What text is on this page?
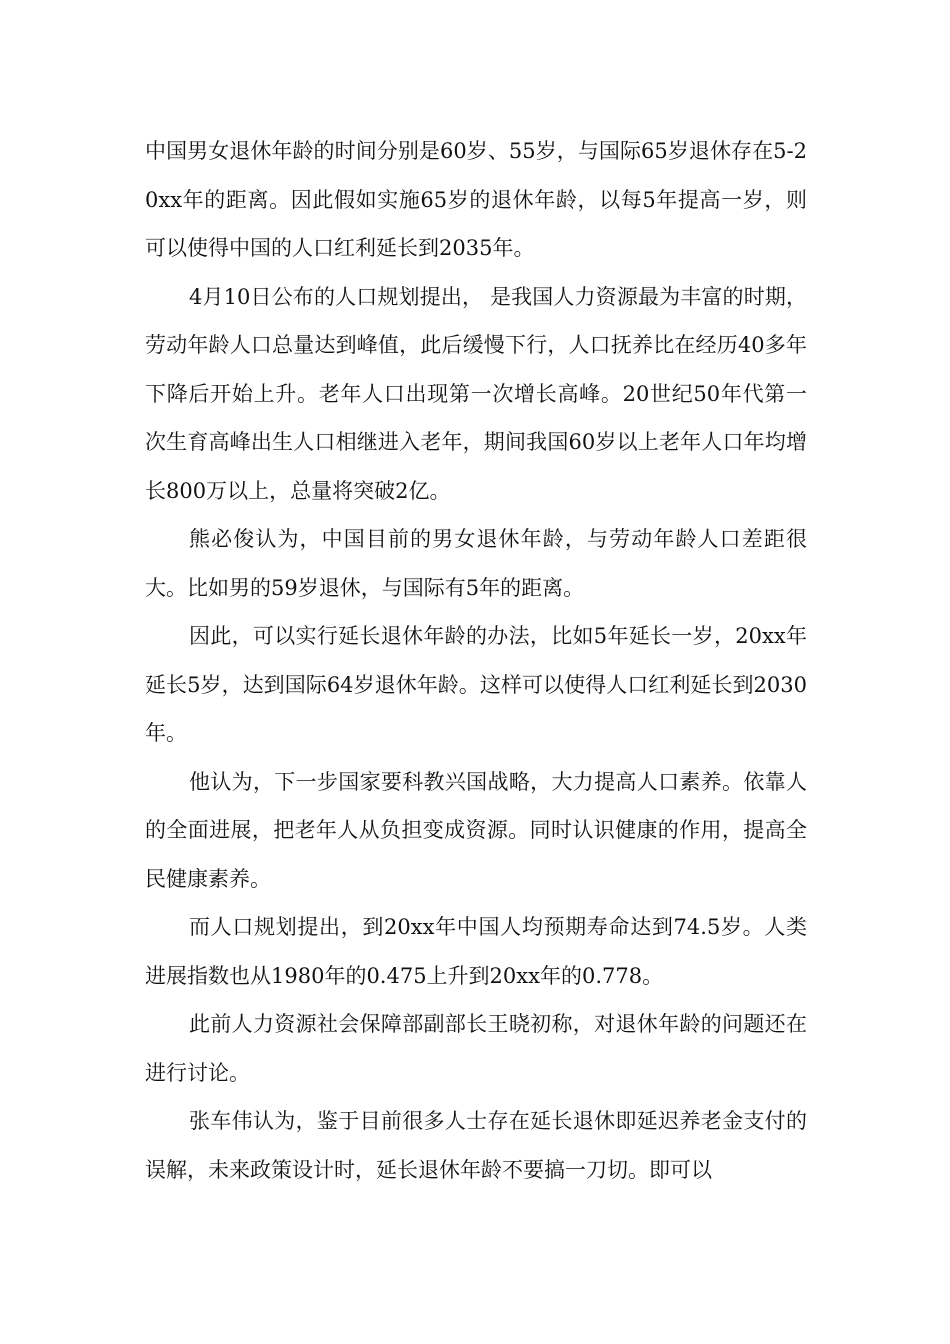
中国男女退休年龄的时间分别是60岁、55岁，与国际65岁退休存在5-20xx年的距离。因此假如实施65岁的退休年龄，以每5年提高一岁，则可以使得中国的人口红利延长到2035年。

4月10日公布的人口规划提出， 是我国人力资源最为丰富的时期，劳动年龄人口总量达到峰值，此后缓慢下行，人口抚养比在经历40多年下降后开始上升。老年人口出现第一次增长高峰。20世纪50年代第一次生育高峰出生人口相继进入老年，期间我国60岁以上老年人口年均增长800万以上，总量将突破2亿。

熊必俊认为，中国目前的男女退休年龄，与劳动年龄人口差距很大。比如男的59岁退休，与国际有5年的距离。

因此，可以实行延长退休年龄的办法，比如5年延长一岁，20xx年延长5岁，达到国际64岁退休年龄。这样可以使得人口红利延长到2030年。

他认为，下一步国家要科教兴国战略，大力提高人口素养。依靠人的全面进展，把老年人从负担变成资源。同时认识健康的作用，提高全民健康素养。

而人口规划提出，到20xx年中国人均预期寿命达到74.5岁。人类进展指数也从1980年的0.475上升到20xx年的0.778。

此前人力资源社会保障部副部长王晓初称，对退休年龄的问题还在进行讨论。

张车伟认为，鉴于目前很多人士存在延长退休即延迟养老金支付的误解，未来政策设计时，延长退休年龄不要搞一刀切。即可以
